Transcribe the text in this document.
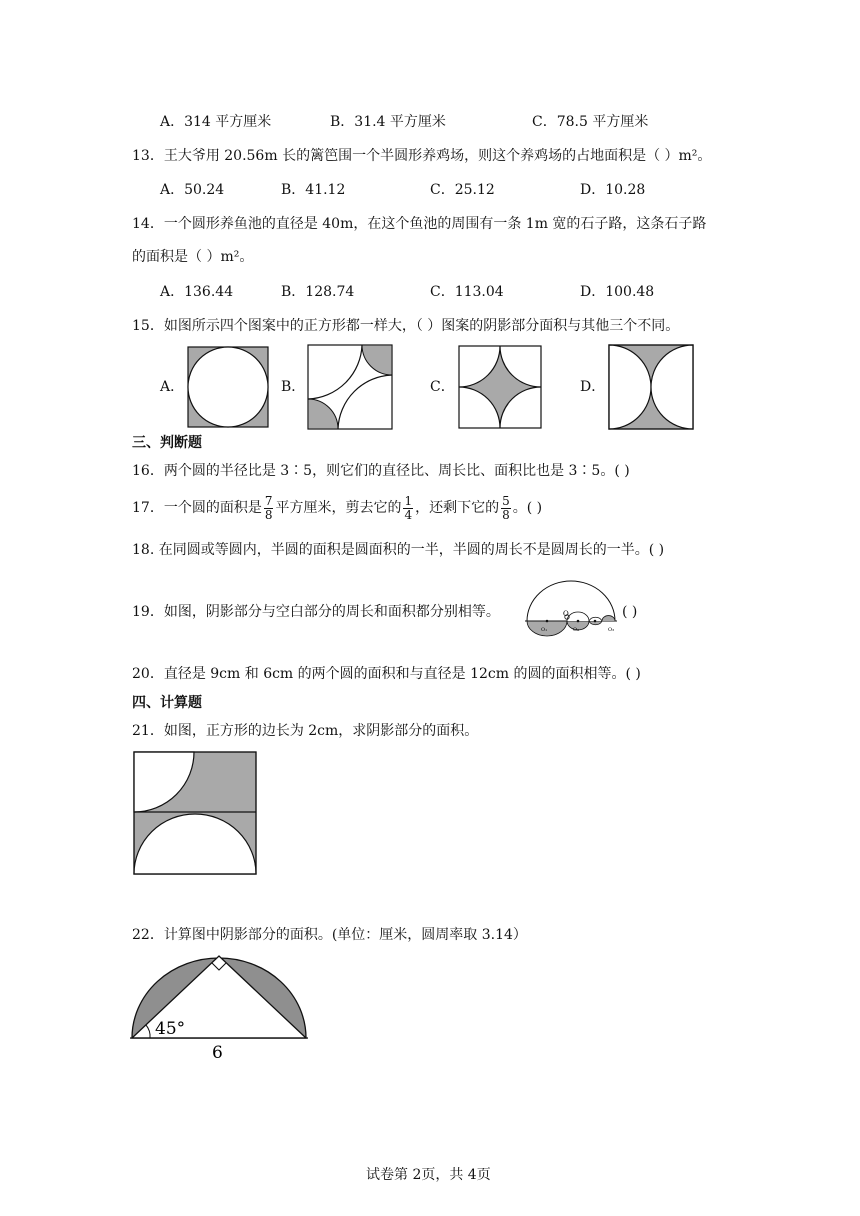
A．314 平方厘米	B．31.4 平方厘米	C．78.5 平方厘米
13．王大爷用 20.56m 长的篱笆围一个半圆形养鸡场，则这个养鸡场的占地面积是（ ）m²。
A．50.24	B．41.12	C．25.12	D．10.28
14．一个圆形养鱼池的直径是 40m，在这个鱼池的周围有一条 1m 宽的石子路，这条石子路
的面积是（ ）m²。
A．136.44	B．128.74	C．113.04	D．100.48
15．如图所示四个图案中的正方形都一样大，（ ）图案的阴影部分面积与其他三个不同。
A．	B．	C．	D．
三、判断题
16．两个圆的半径比是 3∶5，则它们的直径比、周长比、面积比也是 3∶5。( )
17．一个圆的面积是 $\frac{7}{8}$ 平方厘米，剪去它的 $\frac{1}{4}$ ，还剩下它的 $\frac{5}{8}$ 。( )
18. 在同圆或等圆内，半圆的面积是圆面积的一半，半圆的周长不是圆周长的一半。( )
19．如图，阴影部分与空白部分的周长和面积都分别相等。	O
O₁	O₂	O₃
( )
20．直径是 9cm 和 6cm 的两个圆的面积和与直径是 12cm 的圆的面积相等。( )
四、计算题
21．如图，正方形的边长为 2cm，求阴影部分的面积。
22．计算图中阴影部分的面积。(单位：厘米，圆周率取 3.14）
45°
6
试卷第 2页，共 4页
